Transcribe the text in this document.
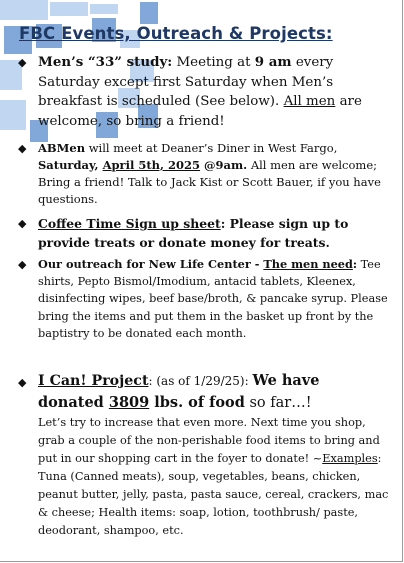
FBC Events, Outreach & Projects:
◆ Men’s “33” study: Meeting at 9 am every Saturday except first Saturday when Men’s breakfast is scheduled (See below). All men are welcome, so bring a friend!

◆ ABMen will meet at Deaner’s Diner in West Fargo, Saturday, April 5th, 2025 @9am. All men are welcome; Bring a friend! Talk to Jack Kist or Scott Bauer, if you have questions.

◆ Coffee Time Sign up sheet: Please sign up to provide treats or donate money for treats.

◆ Our outreach for New Life Center - The men need: Tee shirts, Pepto Bismol/Imodium, antacid tablets, Kleenex, disinfecting wipes, beef base/broth, & pancake syrup. Please bring the items and put them in the basket up front by the baptistry to be donated each month.

◆ I Can! Project: (as of 1/29/25): We have donated 3809 lbs. of food so far…!

Let’s try to increase that even more. Next time you shop, grab a couple of the non-perishable food items to bring and put in our shopping cart in the foyer to donate! ~Examples: Tuna (Canned meats), soup, vegetables, beans, chicken, peanut butter, jelly, pasta, pasta sauce, cereal, crackers, mac & cheese; Health items: soap, lotion, toothbrush/ paste, deodorant, shampoo, etc.
